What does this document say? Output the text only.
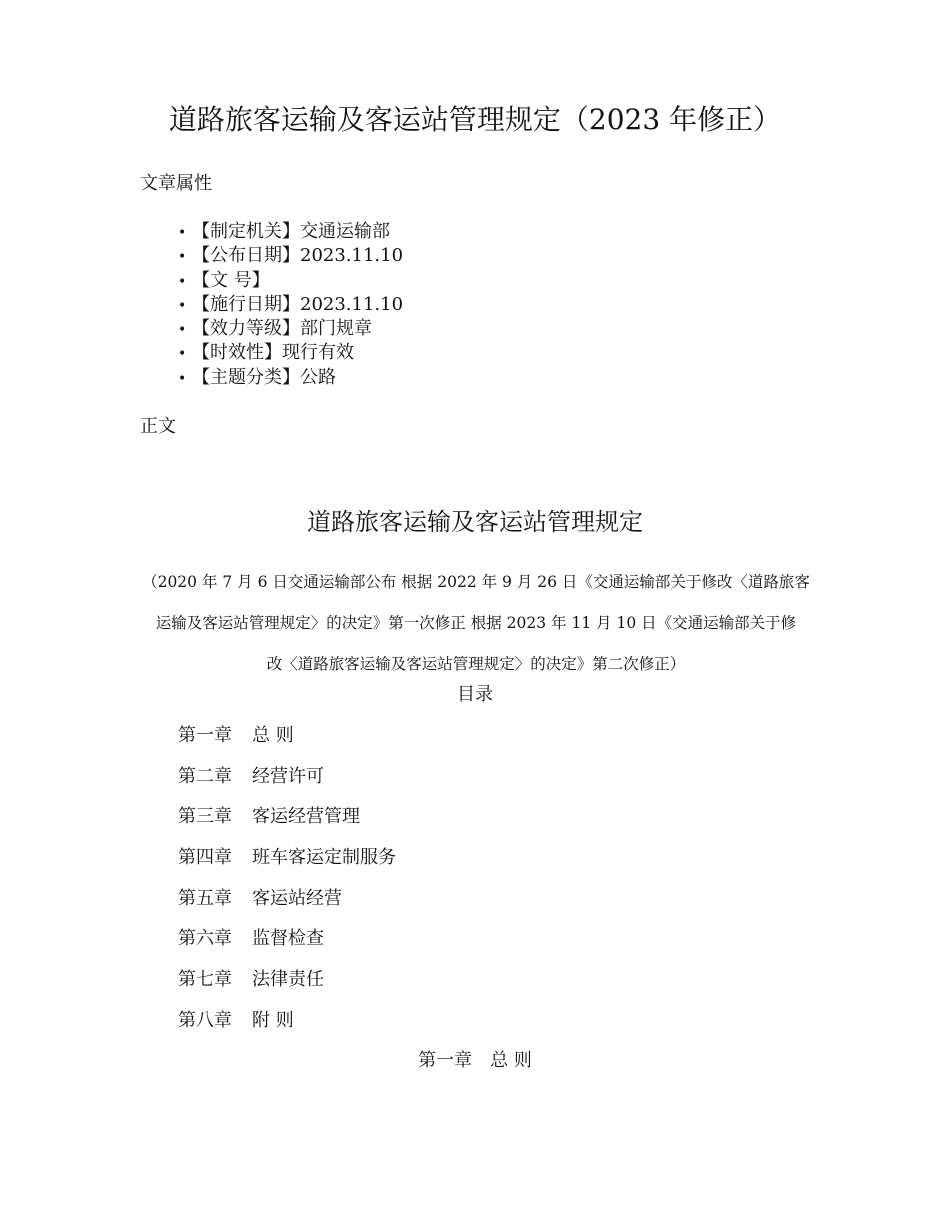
道路旅客运输及客运站管理规定（2023 年修正）
文章属性
• 【制定机关】交通运输部
• 【公布日期】2023.11.10
• 【文 号】
• 【施行日期】2023.11.10
• 【效力等级】部门规章
• 【时效性】现行有效
• 【主题分类】公路
正文
道路旅客运输及客运站管理规定
（2020 年 7 月 6 日交通运输部公布 根据 2022 年 9 月 26 日《交通运输部关于修改〈道路旅客
运输及客运站管理规定〉的决定》第一次修正 根据 2023 年 11 月 10 日《交通运输部关于修
改〈道路旅客运输及客运站管理规定〉的决定》第二次修正）
目录
第一章 总 则
第二章 经营许可
第三章 客运经营管理
第四章 班车客运定制服务
第五章 客运站经营
第六章 监督检查
第七章 法律责任
第八章 附 则
第一章　总 则
